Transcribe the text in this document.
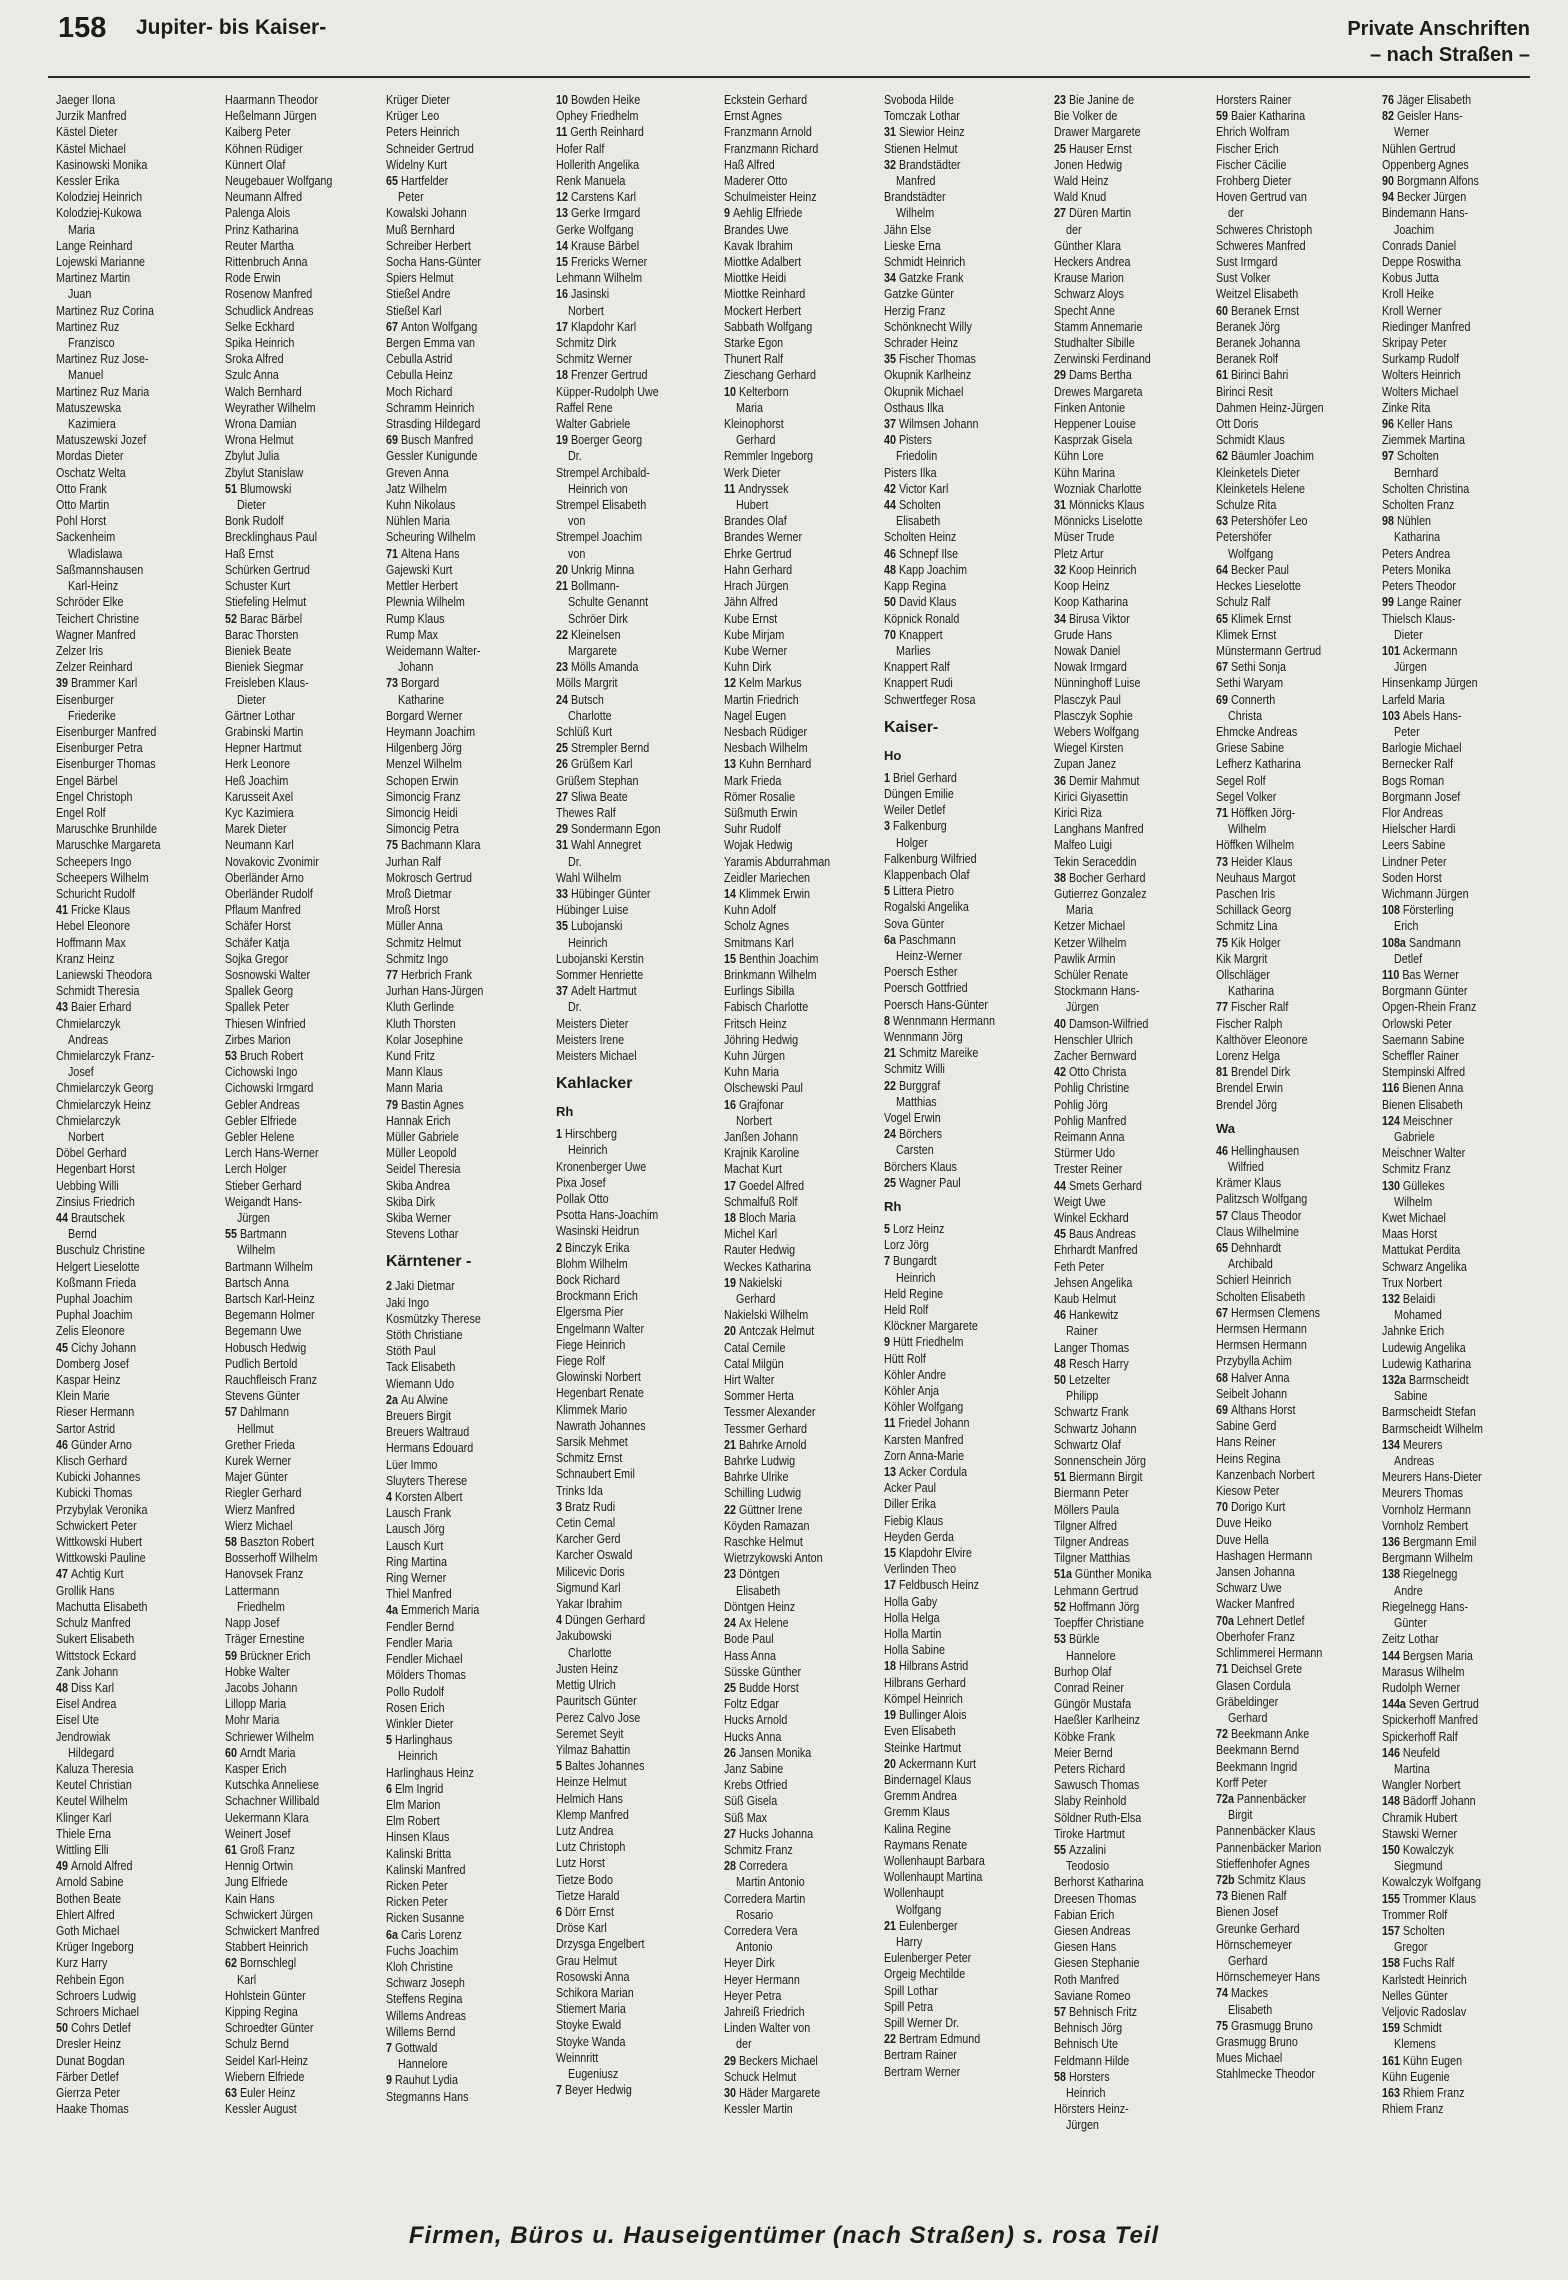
158 Jupiter- bis Kaiser-	Private Anschriften
– nach Straßen –
Jaeger Ilona
Jurzik Manfred
Kästel Dieter
Kästel Michael
Kasinowski Monika
Kessler Erika
Kolodziej Heinrich
Kolodziej-Kukowa
Maria
Lange Reinhard
Lojewski Marianne
Martinez Martin
Juan
Martinez Ruz Corina
Martinez Ruz
Franzisco
Martinez Ruz Jose-
Manuel
Martinez Ruz Maria
Matuszewska
Kazimiera
Matuszewski Jozef
Mordas Dieter
Oschatz Welta
Otto Frank
Otto Martin
Pohl Horst
Sackenheim
Wladislawa
Saßmannshausen
Karl-Heinz
Schröder Elke
Teichert Christine
Wagner Manfred
Zelzer Iris
Zelzer Reinhard
39 Brammer Karl
Eisenburger
Friederike
Eisenburger Manfred
Eisenburger Petra
Eisenburger Thomas
Engel Bärbel
Engel Christoph
Engel Rolf
Maruschke Brunhilde
Maruschke Margareta
Scheepers Ingo
Scheepers Wilhelm
Schuricht Rudolf
41 Fricke Klaus
Hebel Eleonore
Hoffmann Max
Kranz Heinz
Laniewski Theodora
Schmidt Theresia
43 Baier Erhard
Chmielarczyk
Andreas
Chmielarczyk Franz-
Josef
Chmielarczyk Georg
Chmielarczyk Heinz
Chmielarczyk
Norbert
Döbel Gerhard
Hegenbart Horst
Uebbing Willi
Zinsius Friedrich
44 Brautschek
Bernd
Buschulz Christine
Helgert Lieselotte
Koßmann Frieda
Puphal Joachim
Puphal Joachim
Zelis Eleonore
45 Cichy Johann
Domberg Josef
Kaspar Heinz
Klein Marie
Rieser Hermann
Sartor Astrid
46 Günder Arno
Klisch Gerhard
Kubicki Johannes
Kubicki Thomas
Przybylak Veronika
Schwickert Peter
Wittkowski Hubert
Wittkowski Pauline
47 Achtig Kurt
Grollik Hans
Machutta Elisabeth
Schulz Manfred
Sukert Elisabeth
Wittstock Eckard
Zank Johann
48 Diss Karl
Eisel Andrea
Eisel Ute
Jendrowiak
Hildegard
Kaluza Theresia
Keutel Christian
Keutel Wilhelm
Klinger Karl
Thiele Erna
Wittling Elli
49 Arnold Alfred
Arnold Sabine
Bothen Beate
Ehlert Alfred
Goth Michael
Krüger Ingeborg
Kurz Harry
Rehbein Egon
Schroers Ludwig
Schroers Michael
50 Cohrs Detlef
Dresler Heinz
Dunat Bogdan
Färber Detlef
Gierrza Peter
Haake Thomas
Haarmann Theodor
Heßelmann Jürgen
Kaiberg Peter
Köhnen Rüdiger
Künnert Olaf
Neugebauer Wolfgang
Neumann Alfred
Palenga Alois
Prinz Katharina
Reuter Martha
Rittenbruch Anna
Rode Erwin
Rosenow Manfred
Schudlick Andreas
Selke Eckhard
Spika Heinrich
Sroka Alfred
Szulc Anna
Walch Bernhard
Weyrather Wilhelm
Wrona Damian
Wrona Helmut
Zbylut Julia
Zbylut Stanislaw
51 Blumowski
Dieter
Bonk Rudolf
Brecklinghaus Paul
Haß Ernst
Schürken Gertrud
Schuster Kurt
Stiefeling Helmut
52 Barac Bärbel
Barac Thorsten
Bieniek Beate
Bieniek Siegmar
Freisleben Klaus-
Dieter
Gärtner Lothar
Grabinski Martin
Hepner Hartmut
Herk Leonore
Heß Joachim
Karusseit Axel
Kyc Kazimiera
Marek Dieter
Neumann Karl
Novakovic Zvonimir
Oberländer Arno
Oberländer Rudolf
Pflaum Manfred
Schäfer Horst
Schäfer Katja
Sojka Gregor
Sosnowski Walter
Spallek Georg
Spallek Peter
Thiesen Winfried
Zirbes Marion
53 Bruch Robert
Cichowski Ingo
Cichowski Irmgard
Gebler Andreas
Gebler Elfriede
Gebler Helene
Lerch Hans-Werner
Lerch Holger
Stieber Gerhard
Weigandt Hans-
Jürgen
55 Bartmann
Wilhelm
Bartmann Wilhelm
Bartsch Anna
Bartsch Karl-Heinz
Begemann Holmer
Begemann Uwe
Hobusch Hedwig
Pudlich Bertold
Rauchfleisch Franz
Stevens Günter
57 Dahlmann
Hellmut
Grether Frieda
Kurek Werner
Majer Günter
Riegler Gerhard
Wierz Manfred
Wierz Michael
58 Baszton Robert
Bosserhoff Wilhelm
Hanovsek Franz
Lattermann
Friedhelm
Napp Josef
Träger Ernestine
59 Brückner Erich
Hobke Walter
Jacobs Johann
Lillopp Maria
Mohr Maria
Schriewer Wilhelm
60 Arndt Maria
Kasper Erich
Kutschka Anneliese
Schachner Willibald
Uekermann Klara
Weinert Josef
61 Groß Franz
Hennig Ortwin
Jung Elfriede
Kain Hans
Schwickert Jürgen
Schwickert Manfred
Stabbert Heinrich
62 Bornschlegl
Karl
Hohlstein Günter
Kipping Regina
Schroedter Günter
Schulz Bernd
Seidel Karl-Heinz
Wiebern Elfriede
63 Euler Heinz
Kessler August
Krüger Dieter
Krüger Leo
Peters Heinrich
Schneider Gertrud
Widelny Kurt
65 Hartfelder
Peter
Kowalski Johann
Muß Bernhard
Schreiber Herbert
Socha Hans-Günter
Spiers Helmut
Stießel Andre
Stießel Karl
67 Anton Wolfgang
Bergen Emma van
Cebulla Astrid
Cebulla Heinz
Moch Richard
Schramm Heinrich
Strasding Hildegard
69 Busch Manfred
Gessler Kunigunde
Greven Anna
Jatz Wilhelm
Kuhn Nikolaus
Nühlen Maria
Scheuring Wilhelm
71 Altena Hans
Gajewski Kurt
Mettler Herbert
Plewnia Wilhelm
Rump Klaus
Rump Max
Weidemann Walter-
Johann
73 Borgard
Katharine
Borgard Werner
Heymann Joachim
Hilgenberg Jörg
Menzel Wilhelm
Schopen Erwin
Simoncig Franz
Simoncig Heidi
Simoncig Petra
75 Bachmann Klara
Jurhan Ralf
Mokrosch Gertrud
Mroß Dietmar
Mroß Horst
Müller Anna
Schmitz Helmut
Schmitz Ingo
77 Herbrich Frank
Jurhan Hans-Jürgen
Kluth Gerlinde
Kluth Thorsten
Kolar Josephine
Kund Fritz
Mann Klaus
Mann Maria
79 Bastin Agnes
Hannak Erich
Müller Gabriele
Müller Leopold
Seidel Theresia
Skiba Andrea
Skiba Dirk
Skiba Werner
Stevens Lothar
Kärntener -
2 Jaki Dietmar
Jaki Ingo
Kosmützky Therese
Stöth Christiane
Stöth Paul
Tack Elisabeth
Wiemann Udo
2a Au Alwine
Breuers Birgit
Breuers Waltraud
Hermans Edouard
Lüer Immo
Sluyters Therese
4 Korsten Albert
Lausch Frank
Lausch Jörg
Lausch Kurt
Ring Martina
Ring Werner
Thiel Manfred
4a Emmerich Maria
Fendler Bernd
Fendler Maria
Fendler Michael
Mölders Thomas
Pollo Rudolf
Rosen Erich
Winkler Dieter
5 Harlinghaus
Heinrich
Harlinghaus Heinz
6 Elm Ingrid
Elm Marion
Elm Robert
Hinsen Klaus
Kalinski Britta
Kalinski Manfred
Ricken Peter
Ricken Peter
Ricken Susanne
6a Caris Lorenz
Fuchs Joachim
Kloh Christine
Schwarz Joseph
Steffens Regina
Willems Andreas
Willems Bernd
7 Gottwald
Hannelore
9 Rauhut Lydia
Stegmanns Hans
10 Bowden Heike
Ophey Friedhelm
11 Gerth Reinhard
Hofer Ralf
Hollerith Angelika
Renk Manuela
12 Carstens Karl
13 Gerke Irmgard
Gerke Wolfgang
14 Krause Bärbel
15 Frericks Werner
Lehmann Wilhelm
16 Jasinski
Norbert
17 Klapdohr Karl
Schmitz Dirk
Schmitz Werner
18 Frenzer Gertrud
Küpper-Rudolph Uwe
Raffel Rene
Walter Gabriele
19 Boerger Georg
Dr.
Strempel Archibald-
Heinrich von
Strempel Elisabeth
von
Strempel Joachim
von
20 Unkrig Minna
21 Bollmann-
Schulte Genannt
Schröer Dirk
22 Kleinelsen
Margarete
23 Mölls Amanda
Mölls Margrit
24 Butsch
Charlotte
Schlüß Kurt
25 Strempler Bernd
26 Grüßem Karl
Grüßem Stephan
27 Sliwa Beate
Thewes Ralf
29 Sondermann Egon
31 Wahl Annegret
Dr.
Wahl Wilhelm
33 Hübinger Günter
Hübinger Luise
35 Lubojanski
Heinrich
Lubojanski Kerstin
Sommer Henriette
37 Adelt Hartmut
Dr.
Meisters Dieter
Meisters Irene
Meisters Michael
Kahlacker
Rh
1 Hirschberg
Heinrich
Kronenberger Uwe
Pixa Josef
Pollak Otto
Psotta Hans-Joachim
Wasinski Heidrun
2 Binczyk Erika
Blohm Wilhelm
Bock Richard
Brockmann Erich
Elgersma Pier
Engelmann Walter
Fiege Heinrich
Fiege Rolf
Glowinski Norbert
Hegenbart Renate
Klimmek Mario
Nawrath Johannes
Sarsik Mehmet
Schmitz Ernst
Schnaubert Emil
Trinks Ida
3 Bratz Rudi
Cetin Cemal
Karcher Gerd
Karcher Oswald
Milicevic Doris
Sigmund Karl
Yakar Ibrahim
4 Düngen Gerhard
Jakubowski
Charlotte
Justen Heinz
Mettig Ulrich
Pauritsch Günter
Perez Calvo Jose
Seremet Seyit
Yilmaz Bahattin
5 Baltes Johannes
Heinze Helmut
Helmich Hans
Klemp Manfred
Lutz Andrea
Lutz Christoph
Lutz Horst
Tietze Bodo
Tietze Harald
6 Dörr Ernst
Dröse Karl
Drzysga Engelbert
Grau Helmut
Rosowski Anna
Schikora Marian
Stiemert Maria
Stoyke Ewald
Stoyke Wanda
Weinnritt
Eugeniusz
7 Beyer Hedwig
Eckstein Gerhard
Ernst Agnes
Franzmann Arnold
Franzmann Richard
Haß Alfred
Maderer Otto
Schulmeister Heinz
9 Aehlig Elfriede
Brandes Uwe
Kavak Ibrahim
Miottke Adalbert
Miottke Heidi
Miottke Reinhard
Mockert Herbert
Sabbath Wolfgang
Starke Egon
Thunert Ralf
Zieschang Gerhard
10 Kelterborn
Maria
Kleinophorst
Gerhard
Remmler Ingeborg
Werk Dieter
11 Andryssek
Hubert
Brandes Olaf
Brandes Werner
Ehrke Gertrud
Hahn Gerhard
Hrach Jürgen
Jähn Alfred
Kube Ernst
Kube Mirjam
Kube Werner
Kuhn Dirk
12 Kelm Markus
Martin Friedrich
Nagel Eugen
Nesbach Rüdiger
Nesbach Wilhelm
13 Kuhn Bernhard
Mark Frieda
Römer Rosalie
Süßmuth Erwin
Suhr Rudolf
Wojak Hedwig
Yaramis Abdurrahman
Zeidler Mariechen
14 Klimmek Erwin
Kuhn Adolf
Scholz Agnes
Smitmans Karl
15 Benthin Joachim
Brinkmann Wilhelm
Eurlings Sibilla
Fabisch Charlotte
Fritsch Heinz
Jöhring Hedwig
Kuhn Jürgen
Kuhn Maria
Olschewski Paul
16 Grajfonar
Norbert
Janßen Johann
Krajnik Karoline
Machat Kurt
17 Goedel Alfred
Schmalfuß Rolf
18 Bloch Maria
Michel Karl
Rauter Hedwig
Weckes Katharina
19 Nakielski
Gerhard
Nakielski Wilhelm
20 Antczak Helmut
Catal Cemile
Catal Milgün
Hirt Walter
Sommer Herta
Tessmer Alexander
Tessmer Gerhard
21 Bahrke Arnold
Bahrke Ludwig
Bahrke Ulrike
Schilling Ludwig
22 Güttner Irene
Köyden Ramazan
Raschke Helmut
Wietrzykowski Anton
23 Döntgen
Elisabeth
Döntgen Heinz
24 Ax Helene
Bode Paul
Hass Anna
Süsske Günther
25 Budde Horst
Foltz Edgar
Hucks Arnold
Hucks Anna
26 Jansen Monika
Janz Sabine
Krebs Otfried
Süß Gisela
Süß Max
27 Hucks Johanna
Schmitz Franz
28 Corredera
Martin Antonio
Corredera Martin
Rosario
Corredera Vera
Antonio
Heyer Dirk
Heyer Hermann
Heyer Petra
Jahreiß Friedrich
Linden Walter von
der
29 Beckers Michael
Schuck Helmut
30 Häder Margarete
Kessler Martin
Svoboda Hilde
Tomczak Lothar
31 Siewior Heinz
Stienen Helmut
32 Brandstädter
Manfred
Brandstädter
Wilhelm
Jähn Else
Lieske Erna
Schmidt Heinrich
34 Gatzke Frank
Gatzke Günter
Herzig Franz
Schönknecht Willy
Schrader Heinz
35 Fischer Thomas
Okupnik Karlheinz
Okupnik Michael
Osthaus Ilka
37 Wilmsen Johann
40 Pisters
Friedolin
Pisters Ilka
42 Victor Karl
44 Scholten
Elisabeth
Scholten Heinz
46 Schnepf Ilse
48 Kapp Joachim
Kapp Regina
50 David Klaus
Köpnick Ronald
70 Knappert
Marlies
Knappert Ralf
Knappert Rudi
Schwertfeger Rosa
Kaiser-
Ho
1 Briel Gerhard
Düngen Emilie
Weiler Detlef
3 Falkenburg
Holger
Falkenburg Wilfried
Klappenbach Olaf
5 Littera Pietro
Rogalski Angelika
Sova Günter
6a Paschmann
Heinz-Werner
Poersch Esther
Poersch Gottfried
Poersch Hans-Günter
8 Wennmann Hermann
Wennmann Jörg
21 Schmitz Mareike
Schmitz Willi
22 Burggraf
Matthias
Vogel Erwin
24 Börchers
Carsten
Börchers Klaus
25 Wagner Paul
Rh
5 Lorz Heinz
Lorz Jörg
7 Bungardt
Heinrich
Held Regine
Held Rolf
Klöckner Margarete
9 Hütt Friedhelm
Hütt Rolf
Köhler Andre
Köhler Anja
Köhler Wolfgang
11 Friedel Johann
Karsten Manfred
Zorn Anna-Marie
13 Acker Cordula
Acker Paul
Diller Erika
Fiebig Klaus
Heyden Gerda
15 Klapdohr Elvire
Verlinden Theo
17 Feldbusch Heinz
Holla Gaby
Holla Helga
Holla Martin
Holla Sabine
18 Hilbrans Astrid
Hilbrans Gerhard
Kömpel Heinrich
19 Bullinger Alois
Even Elisabeth
Steinke Hartmut
20 Ackermann Kurt
Bindernagel Klaus
Gremm Andrea
Gremm Klaus
Kalina Regine
Raymans Renate
Wollenhaupt Barbara
Wollenhaupt Martina
Wollenhaupt
Wolfgang
21 Eulenberger
Harry
Eulenberger Peter
Orgeig Mechtilde
Spill Lothar
Spill Petra
Spill Werner Dr.
22 Bertram Edmund
Bertram Rainer
Bertram Werner
23 Bie Janine de
Bie Volker de
Drawer Margarete
25 Hauser Ernst
Jonen Hedwig
Wald Heinz
Wald Knud
27 Düren Martin
der
Günther Klara
Heckers Andrea
Krause Marion
Schwarz Aloys
Specht Anne
Stamm Annemarie
Studhalter Sibille
Zerwinski Ferdinand
29 Dams Bertha
Drewes Margareta
Finken Antonie
Heppener Louise
Kasprzak Gisela
Kühn Lore
Kühn Marina
Wozniak Charlotte
31 Mönnicks Klaus
Mönnicks Liselotte
Müser Trude
Pletz Artur
32 Koop Heinrich
Koop Heinz
Koop Katharina
34 Birusa Viktor
Grude Hans
Nowak Daniel
Nowak Irmgard
Nünninghoff Luise
Plasczyk Paul
Plasczyk Sophie
Webers Wolfgang
Wiegel Kirsten
Zupan Janez
36 Demir Mahmut
Kirici Giyasettin
Kirici Riza
Langhans Manfred
Malfeo Luigi
Tekin Seraceddin
38 Bocher Gerhard
Gutierrez Gonzalez
Maria
Ketzer Michael
Ketzer Wilhelm
Pawlik Armin
Schüler Renate
Stockmann Hans-
Jürgen
40 Damson-Wilfried
Henschler Ulrich
Zacher Bernward
42 Otto Christa
Pohlig Christine
Pohlig Jörg
Pohlig Manfred
Reimann Anna
Stürmer Udo
Trester Reiner
44 Smets Gerhard
Weigt Uwe
Winkel Eckhard
45 Baus Andreas
Ehrhardt Manfred
Feth Peter
Jehsen Angelika
Kaub Helmut
46 Hankewitz
Rainer
Langer Thomas
48 Resch Harry
50 Letzelter
Philipp
Schwartz Frank
Schwartz Johann
Schwartz Olaf
Sonnenschein Jörg
51 Biermann Birgit
Biermann Peter
Möllers Paula
Tilgner Alfred
Tilgner Andreas
Tilgner Matthias
51a Günther Monika
Lehmann Gertrud
52 Hoffmann Jörg
Toepffer Christiane
53 Bürkle
Hannelore
Burhop Olaf
Conrad Reiner
Güngör Mustafa
Haeßler Karlheinz
Köbke Frank
Meier Bernd
Peters Richard
Sawusch Thomas
Slaby Reinhold
Söldner Ruth-Elsa
Tiroke Hartmut
55 Azzalini
Teodosio
Berhorst Katharina
Dreesen Thomas
Fabian Erich
Giesen Andreas
Giesen Hans
Giesen Stephanie
Roth Manfred
Saviane Romeo
57 Behnisch Fritz
Behnisch Jörg
Behnisch Ute
Feldmann Hilde
58 Horsters
Heinrich
Hörsters Heinz-
Jürgen
Horsters Rainer
59 Baier Katharina
Ehrich Wolfram
Fischer Erich
Fischer Cäcilie
Frohberg Dieter
Hoven Gertrud van
der
Schweres Christoph
Schweres Manfred
Sust Irmgard
Sust Volker
Weitzel Elisabeth
60 Beranek Ernst
Beranek Jörg
Beranek Johanna
Beranek Rolf
61 Birinci Bahri
Birinci Resit
Dahmen Heinz-Jürgen
Ott Doris
Schmidt Klaus
62 Bäumler Joachim
Kleinketels Dieter
Kleinketels Helene
Schulze Rita
63 Petershöfer Leo
Petershöfer
Wolfgang
64 Becker Paul
Heckes Lieselotte
Schulz Ralf
65 Klimek Ernst
Klimek Ernst
Münstermann Gertrud
67 Sethi Sonja
Sethi Waryam
69 Connerth
Christa
Ehmcke Andreas
Griese Sabine
Lefherz Katharina
Segel Rolf
Segel Volker
71 Höffken Jörg-
Wilhelm
Höffken Wilhelm
73 Heider Klaus
Neuhaus Margot
Paschen Iris
Schillack Georg
Schmitz Lina
75 Kik Holger
Kik Margrit
Ollschläger
Katharina
77 Fischer Ralf
Fischer Ralph
Kalthöver Eleonore
Lorenz Helga
81 Brendel Dirk
Brendel Erwin
Brendel Jörg
Wa
46 Hellinghausen
Wilfried
Krämer Klaus
Palitzsch Wolfgang
57 Claus Theodor
Claus Wilhelmine
65 Dehnhardt
Archibald
Schierl Heinrich
Scholten Elisabeth
67 Hermsen Clemens
Hermsen Hermann
Hermsen Hermann
Przybylla Achim
68 Halver Anna
Seibelt Johann
69 Althans Horst
Sabine Gerd
Hans Reiner
Heins Regina
Kanzenbach Norbert
Kiesow Peter
70 Dorigo Kurt
Duve Heiko
Duve Hella
Hashagen Hermann
Jansen Johanna
Schwarz Uwe
Wacker Manfred
70a Lehnert Detlef
Oberhofer Franz
Schlimmerei Hermann
71 Deichsel Grete
Glasen Cordula
Gräbeldinger
Gerhard
72 Beekmann Anke
Beekmann Bernd
Beekmann Ingrid
Korff Peter
72a Pannenbäcker
Birgit
Pannenbäcker Klaus
Pannenbäcker Marion
Stieffenhofer Agnes
72b Schmitz Klaus
73 Bienen Ralf
Bienen Josef
Greunke Gerhard
Hörnschemeyer
Gerhard
Hörnschemeyer Hans
74 Mackes
Elisabeth
75 Grasmugg Bruno
Grasmugg Bruno
Mues Michael
Stahlmecke Theodor
76 Jäger Elisabeth
82 Geisler Hans-
Werner
Nühlen Gertrud
Oppenberg Agnes
90 Borgmann Alfons
94 Becker Jürgen
Bindemann Hans-
Joachim
Conrads Daniel
Deppe Roswitha
Kobus Jutta
Kroll Heike
Kroll Werner
Riedinger Manfred
Skripay Peter
Surkamp Rudolf
Wolters Heinrich
Wolters Michael
Zinke Rita
96 Keller Hans
Ziemmek Martina
97 Scholten
Bernhard
Scholten Christina
Scholten Franz
98 Nühlen
Katharina
Peters Andrea
Peters Monika
Peters Theodor
99 Lange Rainer
Thielsch Klaus-
Dieter
101 Ackermann
Jürgen
Hinsenkamp Jürgen
Larfeld Maria
103 Abels Hans-
Peter
Barlogie Michael
Bernecker Ralf
Bogs Roman
Borgmann Josef
Flor Andreas
Hielscher Hardi
Leers Sabine
Lindner Peter
Soden Horst
Wichmann Jürgen
108 Försterling
Erich
108a Sandmann
Detlef
110 Bas Werner
Borgmann Günter
Opgen-Rhein Franz
Orlowski Peter
Saemann Sabine
Scheffler Rainer
Stempinski Alfred
116 Bienen Anna
Bienen Elisabeth
124 Meischner
Gabriele
Meischner Walter
Schmitz Franz
130 Güllekes
Wilhelm
Kwet Michael
Maas Horst
Mattukat Perdita
Schwarz Angelika
Trux Norbert
132 Belaidi
Mohamed
Jahnke Erich
Ludewig Angelika
Ludewig Katharina
132a Barmscheidt
Sabine
Barmscheidt Stefan
Barmscheidt Wilhelm
134 Meurers
Andreas
Meurers Hans-Dieter
Meurers Thomas
Vornholz Hermann
Vornholz Rembert
136 Bergmann Emil
Bergmann Wilhelm
138 Riegelnegg
Andre
Riegelnegg Hans-
Günter
Zeitz Lothar
144 Bergsen Maria
Marasus Wilhelm
Rudolph Werner
144a Seven Gertrud
Spickerhoff Manfred
Spickerhoff Ralf
146 Neufeld
Martina
Wangler Norbert
148 Bädorff Johann
Chramik Hubert
Stawski Werner
150 Kowalczyk
Siegmund
Kowalczyk Wolfgang
155 Trommer Klaus
Trommer Rolf
157 Scholten
Gregor
158 Fuchs Ralf
Karlstedt Heinrich
Nelles Günter
Veljovic Radoslav
159 Schmidt
Klemens
161 Kühn Eugen
Kühn Eugenie
163 Rhiem Franz
Rhiem Franz
Firmen, Büros u. Hauseigentümer (nach Straßen) s. rosa Teil
